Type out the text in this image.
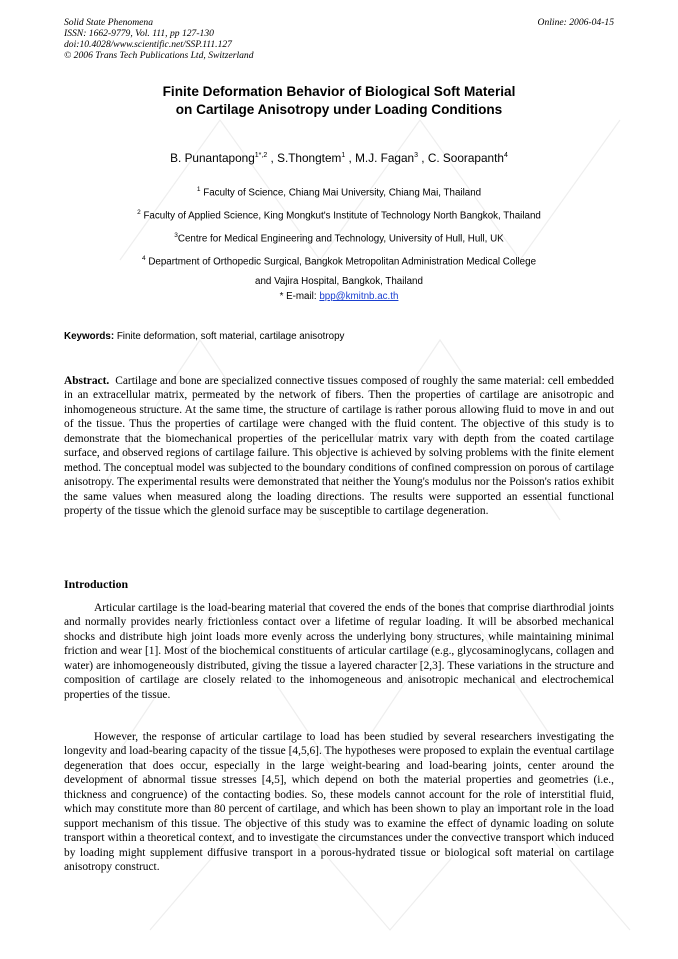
Solid State Phenomena
ISSN: 1662-9779, Vol. 111, pp 127-130
doi:10.4028/www.scientific.net/SSP.111.127
© 2006 Trans Tech Publications Ltd, Switzerland
Online: 2006-04-15
Finite Deformation Behavior of Biological Soft Material
on Cartilage Anisotropy under Loading Conditions
B. Punantapong$^{1*,2}$ , S.Thongtem$^1$ , M.J. Fagan$^3$ , C. Soorapanth$^4$
$^1$ Faculty of Science, Chiang Mai University, Chiang Mai, Thailand
$^2$ Faculty of Applied Science, King Mongkut's Institute of Technology North Bangkok, Thailand
$^3$Centre for Medical Engineering and Technology, University of Hull, Hull, UK
$^4$ Department of Orthopedic Surgical, Bangkok Metropolitan Administration Medical College
and Vajira Hospital, Bangkok, Thailand
* E-mail: bpp@kmitnb.ac.th
Keywords: Finite deformation, soft material, cartilage anisotropy
Abstract. Cartilage and bone are specialized connective tissues composed of roughly the same material: cell embedded in an extracellular matrix, permeated by the network of fibers. Then the properties of cartilage are anisotropic and inhomogeneous structure. At the same time, the structure of cartilage is rather porous allowing fluid to move in and out of the tissue. Thus the properties of cartilage were changed with the fluid content. The objective of this study is to demonstrate that the biomechanical properties of the pericellular matrix vary with depth from the coated cartilage surface, and observed regions of cartilage failure. This objective is achieved by solving problems with the finite element method. The conceptual model was subjected to the boundary conditions of confined compression on porous of cartilage anisotropy. The experimental results were demonstrated that neither the Young's modulus nor the Poisson's ratios exhibit the same values when measured along the loading directions. The results were supported an essential functional property of the tissue which the glenoid surface may be susceptible to cartilage degeneration.
Introduction
Articular cartilage is the load-bearing material that covered the ends of the bones that comprise diarthrodial joints and normally provides nearly frictionless contact over a lifetime of regular loading. It will be absorbed mechanical shocks and distribute high joint loads more evenly across the underlying bony structures, while maintaining minimal friction and wear [1]. Most of the biochemical constituents of articular cartilage (e.g., glycosaminoglycans, collagen and water) are inhomogeneously distributed, giving the tissue a layered character [2,3]. These variations in the structure and composition of cartilage are closely related to the inhomogeneous and anisotropic mechanical and electrochemical properties of the tissue.
However, the response of articular cartilage to load has been studied by several researchers investigating the longevity and load-bearing capacity of the tissue [4,5,6]. The hypotheses were proposed to explain the eventual cartilage degeneration that does occur, especially in the large weight-bearing and load-bearing joints, center around the development of abnormal tissue stresses [4,5], which depend on both the material properties and geometries (i.e., thickness and congruence) of the contacting bodies. So, these models cannot account for the role of interstitial fluid, which may constitute more than 80 percent of cartilage, and which has been shown to play an important role in the load support mechanism of this tissue. The objective of this study was to examine the effect of dynamic loading on solute transport within a theoretical context, and to investigate the circumstances under the convective transport which induced by loading might supplement diffusive transport in a porous-hydrated tissue or biological soft material on cartilage anisotropy construct.
